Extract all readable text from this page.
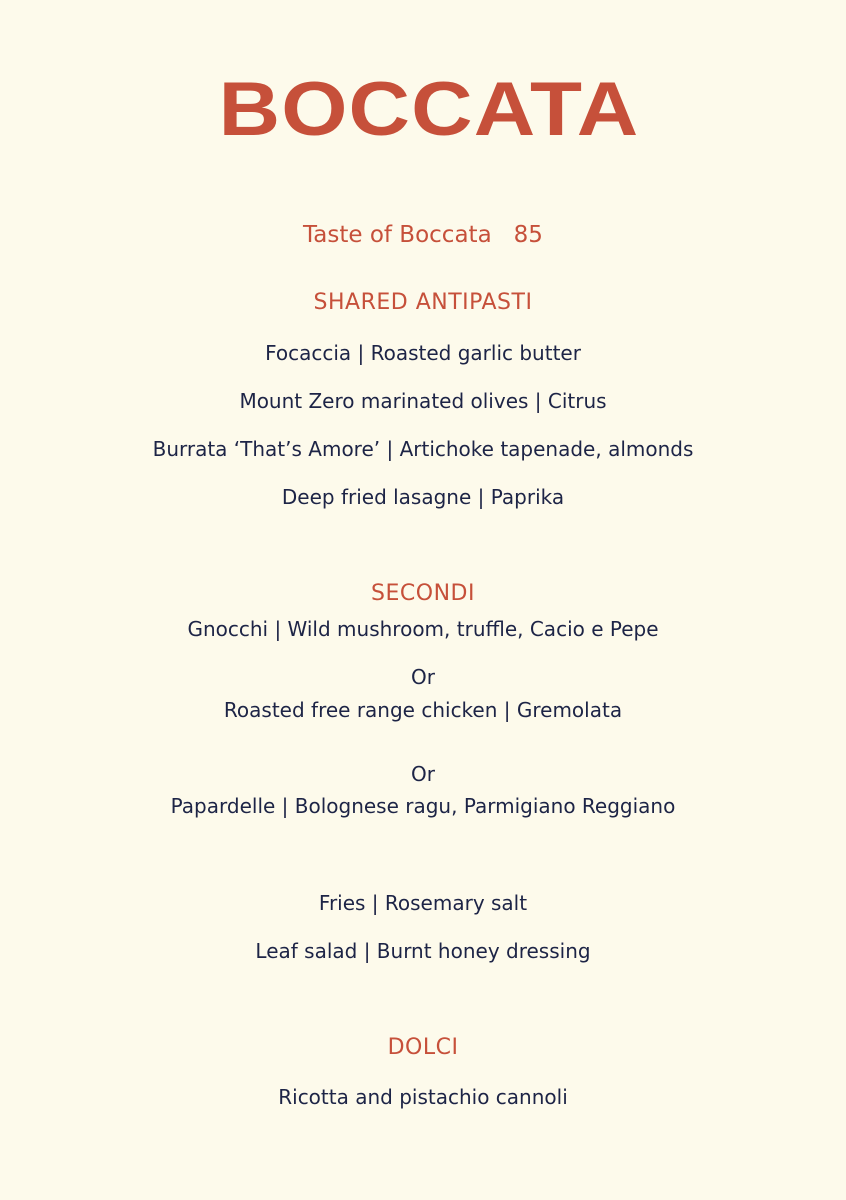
BOCCATA
Taste of Boccata 85
SHARED ANTIPASTI
Focaccia | Roasted garlic butter
Mount Zero marinated olives | Citrus
Burrata ‘That’s Amore’ | Artichoke tapenade, almonds
Deep fried lasagne | Paprika
SECONDI
Gnocchi | Wild mushroom, truffle, Cacio e Pepe
Or
Roasted free range chicken | Gremolata
Or
Papardelle | Bolognese ragu, Parmigiano Reggiano
Fries | Rosemary salt
Leaf salad | Burnt honey dressing
DOLCI
Ricotta and pistachio cannoli
